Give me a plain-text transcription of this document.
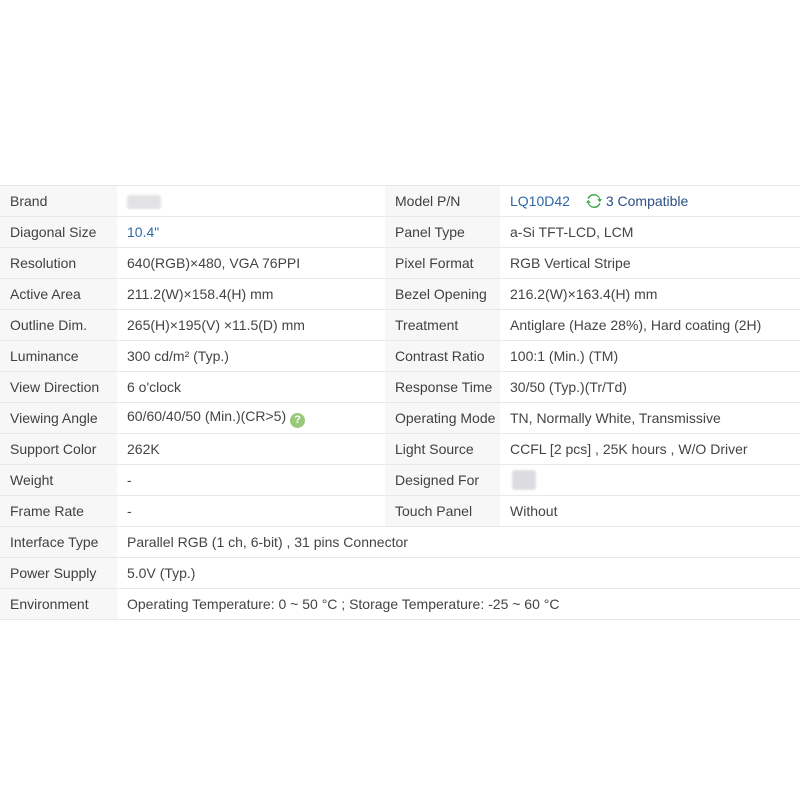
Brand		Model P/N	LQ10D42 3 Compatible
Diagonal Size	10.4"	Panel Type	a-Si TFT-LCD, LCM
Resolution	640(RGB)×480, VGA 76PPI	Pixel Format	RGB Vertical Stripe
Active Area	211.2(W)×158.4(H) mm	Bezel Opening	216.2(W)×163.4(H) mm
Outline Dim.	265(H)×195(V) ×11.5(D) mm	Treatment	Antiglare (Haze 28%), Hard coating (2H)
Luminance	300 cd/m² (Typ.)	Contrast Ratio	100:1 (Min.) (TM)
View Direction	6 o'clock	Response Time	30/50 (Typ.)(Tr/Td)
Viewing Angle	60/60/40/50 (Min.)(CR>5) ?	Operating Mode	TN, Normally White, Transmissive
Support Color	262K	Light Source	CCFL [2 pcs] , 25K hours , W/O Driver
Weight	-	Designed For	
Frame Rate	-	Touch Panel	Without
Interface Type	Parallel RGB (1 ch, 6-bit) , 31 pins Connector		
Power Supply	5.0V (Typ.)		
Environment	Operating Temperature: 0 ~ 50 °C ; Storage Temperature: -25 ~ 60 °C		
